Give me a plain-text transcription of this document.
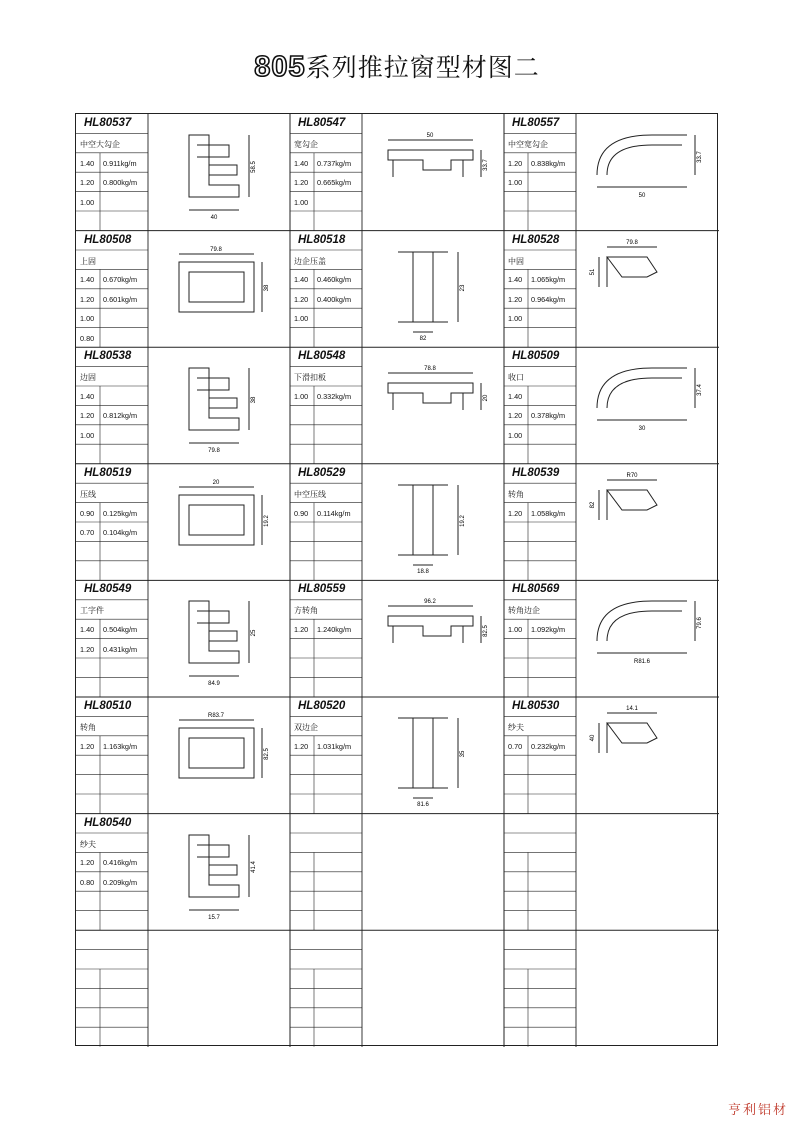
805系列推拉窗型材图二
HL80537
中空大勾企
1.40 0.911kg/m
1.20 0.800kg/m
1.00
40
58.5
HL80547
宽勾企
1.40 0.737kg/m
1.20 0.665kg/m
1.00
50
33.7
HL80557
中空宽勾企
1.20 0.838kg/m
1.00
50
33.7
HL80508
上固
1.40 0.670kg/m
1.20 0.601kg/m
1.00
0.80
79.8
38
HL80518
边企压盖
1.40 0.460kg/m
1.20 0.400kg/m
1.00
82
23
HL80528
中固
1.40 1.065kg/m
1.20 0.964kg/m
1.00
79.8
51
HL80538
边固
1.40
1.20 0.812kg/m
1.00
79.8
38
HL80548
下滑扣板
1.00 0.332kg/m
78.8
20
HL80509
收口
1.40
1.20 0.378kg/m
1.00
30
37.4
HL80519
压线
0.90 0.125kg/m
0.70 0.104kg/m
20
19.2
HL80529
中空压线
0.90 0.114kg/m
18.8
19.2
HL80539
转角
1.20 1.058kg/m
R70
82
HL80549
工字件
1.40 0.504kg/m
1.20 0.431kg/m
84.9
25
HL80559
方转角
1.20 1.240kg/m
96.2
82.5
HL80569
转角边企
1.00 1.092kg/m
R81.6
79.6
HL80510
转角
1.20 1.163kg/m
R83.7
82.5
HL80520
双边企
1.20 1.031kg/m
81.6
35
HL80530
纱夫
0.70 0.232kg/m
14.1
40
HL80540
纱夫
1.20 0.416kg/m
0.80 0.209kg/m
15.7
41.4
亨利铝材
